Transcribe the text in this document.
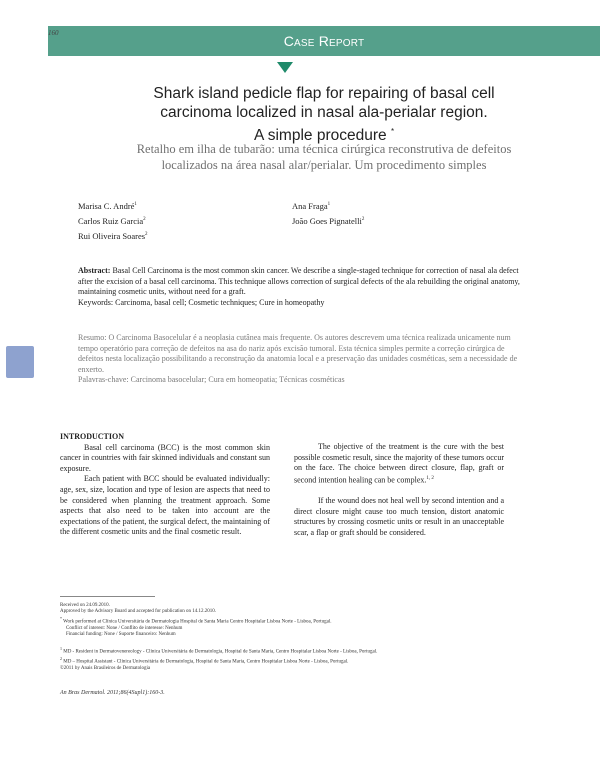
160	Case Report
Shark island pedicle flap for repairing of basal cell
carcinoma localized in nasal ala-perialar region.
A simple procedure *
Retalho em ilha de tubarão: uma técnica cirúrgica reconstrutiva de defeitos
localizados na área nasal alar/perialar. Um procedimento simples
Marisa C. André$^1$
Carlos Ruiz Garcia$^2$
Rui Oliveira Soares$^2$
Ana Fraga$^1$
João Goes Pignatelli$^2$

Abstract: Basal Cell Carcinoma is the most common skin cancer. We describe a single-staged technique for correction of nasal ala defect after the excision of a basal cell carcinoma. This technique allows correction of surgical defects of the ala rebuilding the original anatomy, maintaining cosmetic units, without need for a graft.

Keywords: Carcinoma, basal cell; Cosmetic techniques; Cure in homeopathy

Resumo: O Carcinoma Basocelular é a neoplasia cutânea mais frequente. Os autores descrevem uma técnica realizada unicamente num tempo operatório para correção de defeitos na asa do nariz após excisão tumoral. Esta técnica simples permite a correção cirúrgica de defeitos nesta localização possibilitando a reconstrução da anatomia local e a preservação das unidades cosméticas, sem a necessidade de enxerto.

Palavras-chave: Carcinoma basocelular; Cura em homeopatia; Técnicas cosméticas

INTRODUCTION

Basal cell carcinoma (BCC) is the most common skin cancer in countries with fair skinned individuals and constant sun exposure.

Each patient with BCC should be evaluated individually: age, sex, size, location and type of lesion are aspects that need to be considered when planning the treatment approach. Some aspects that also need to be taken into account are the expectations of the patient, the surgical defect, the maintaining of the different cosmetic units and the final cosmetic result.

The objective of the treatment is the cure with the best possible cosmetic result, since the majority of these tumors occur on the face. The choice between direct closure, flap, graft or second intention healing can be complex.$^{1, 2}$

If the wound does not heal well by second intention and a direct closure might cause too much tension, distort anatomic structures by crossing cosmetic units or result in an unacceptable scar, a flap or graft should be considered.

Received on 24.09.2010.
Approved by the Advisory Board and accepted for publication on 14.12.2010.
* Work performed at Clínica Universitária de Dermatologia Hospital de Santa Maria Centro Hospitalar Lisboa Norte - Lisboa, Portugal.
Conflict of interest: None / Conflito de interesse: Nenhum
Financial funding: None / Suporte financeiro: Nenhum
$^1$ MD - Resident in Dermatovenereology - Clínica Universitária de Dermatologia, Hospital de Santa Maria, Centro Hospitalar Lisboa Norte - Lisboa, Portugal.
$^2$ MD – Hospital Assistant - Clínica Universitária de Dermatologia, Hospital de Santa Maria, Centro Hospitalar Lisboa Norte - Lisboa, Portugal.
©2011 by Anais Brasileiros de Dermatologia
An Bras Dermatol. 2011;86(4Supl1):160-3.
